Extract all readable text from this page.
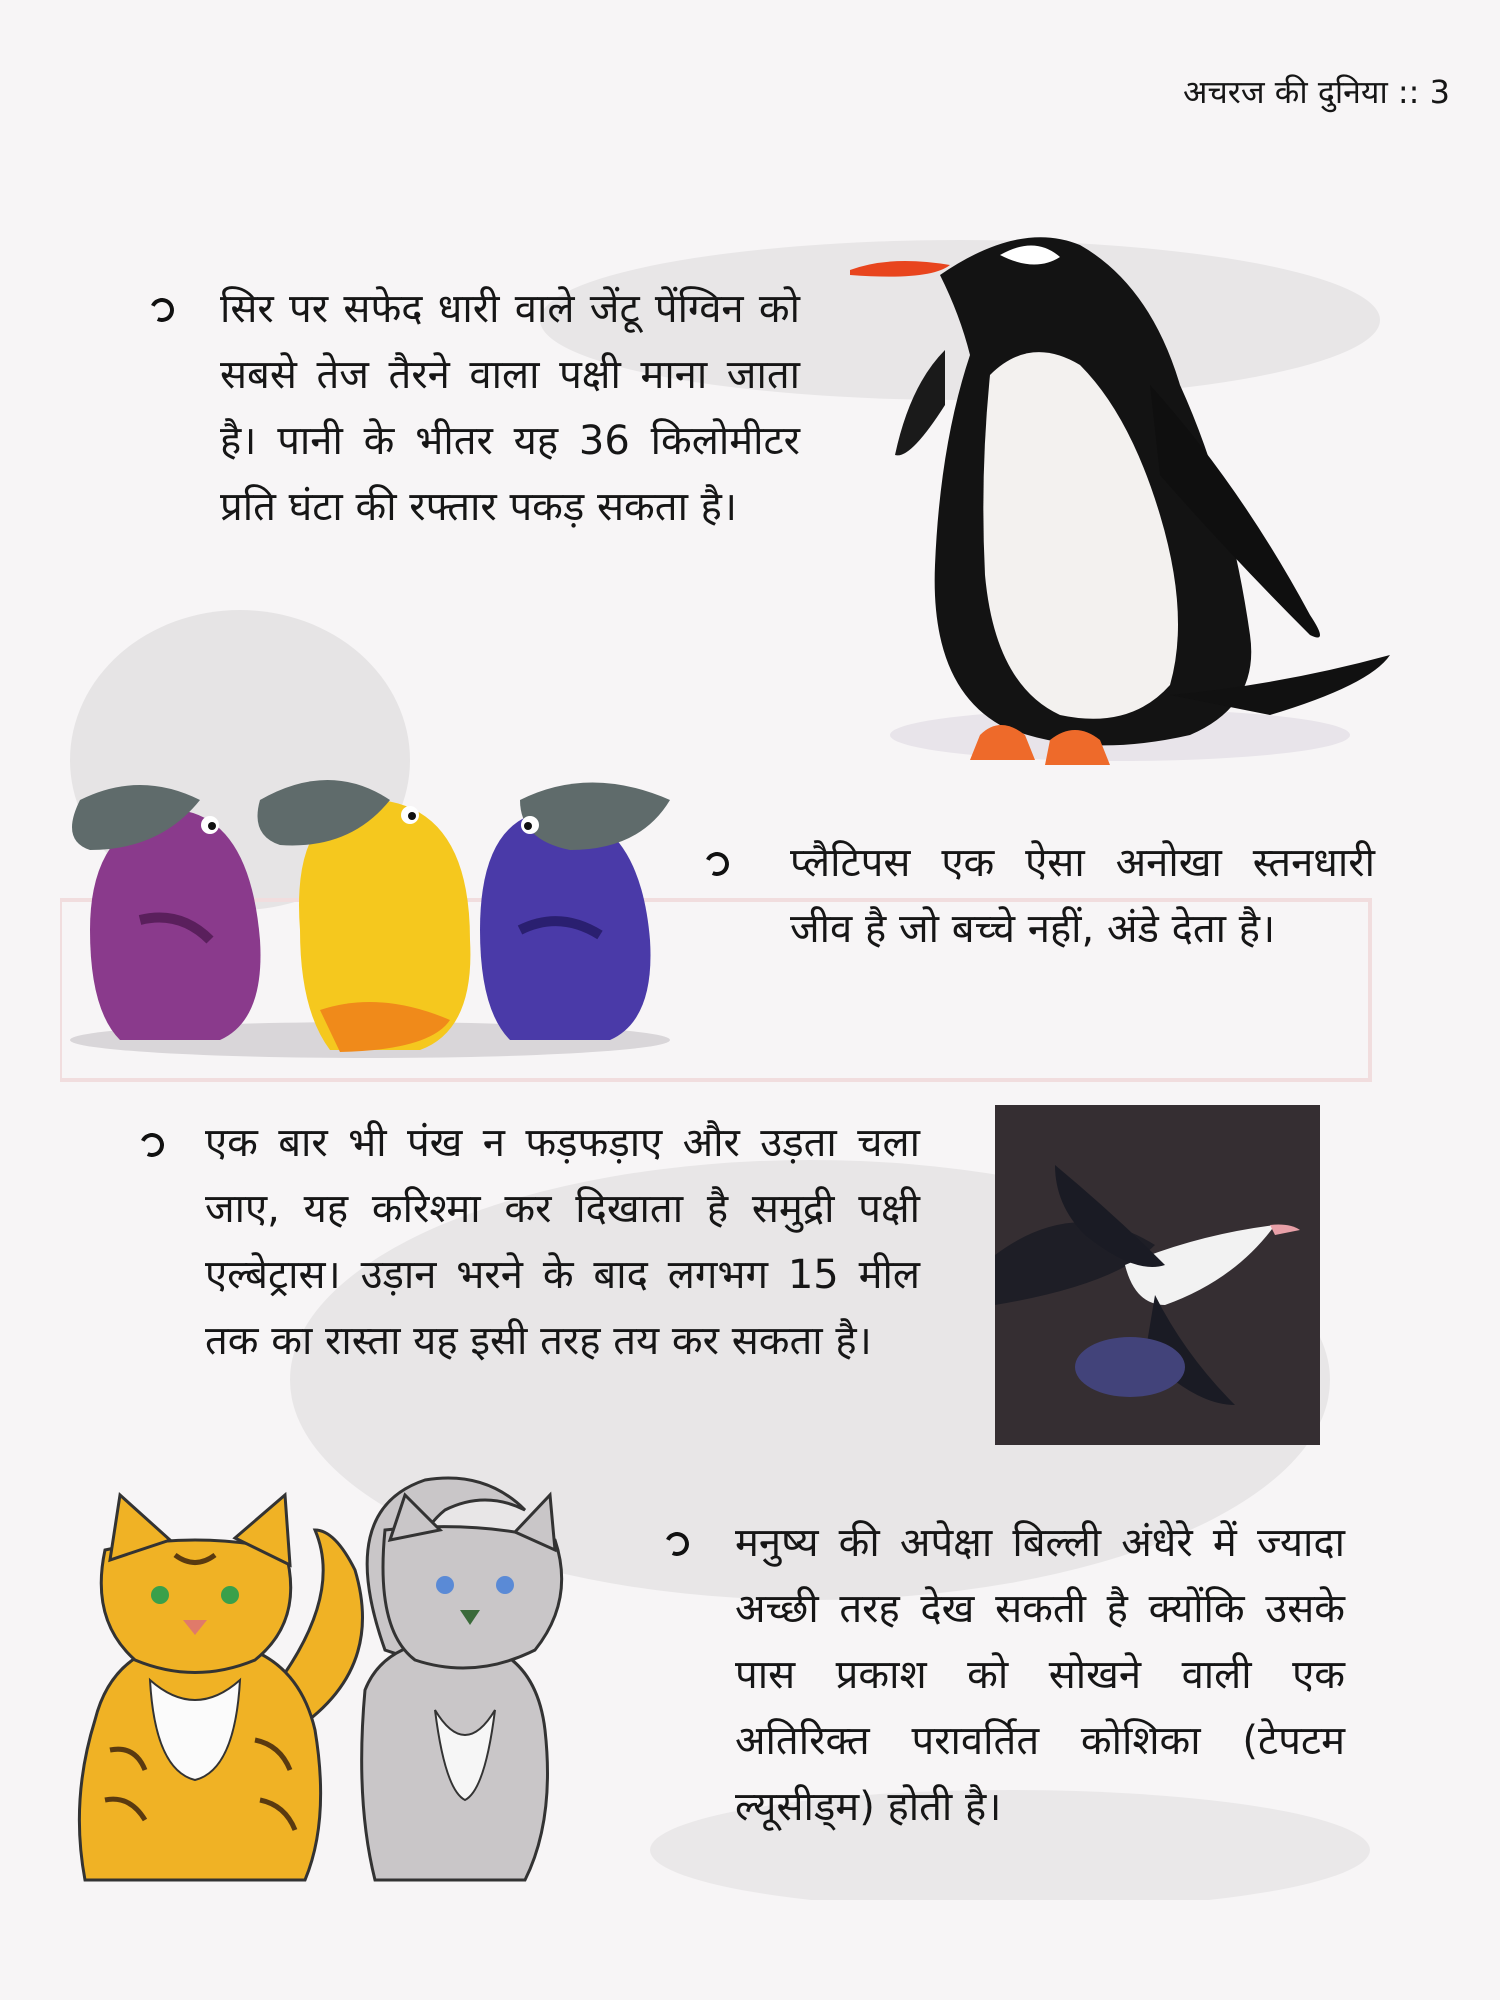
अचरज की दुनिया :: 3
सिर पर सफेद धारी वाले जेंटू पेंग्विन को सबसे तेज तैरने वाला पक्षी माना जाता है। पानी के भीतर यह 36 किलोमीटर प्रति घंटा की रफ्तार पकड़ सकता है।
प्लैटिपस एक ऐसा अनोखा स्तनधारी जीव है जो बच्चे नहीं, अंडे देता है।
एक बार भी पंख न फड़फड़ाए और उड़ता चला जाए, यह करिश्मा कर दिखाता है समुद्री पक्षी एल्बेट्रास। उड़ान भरने के बाद लगभग 15 मील तक का रास्ता यह इसी तरह तय कर सकता है।
मनुष्य की अपेक्षा बिल्ली अंधेरे में ज्यादा अच्छी तरह देख सकती है क्योंकि उसके पास प्रकाश को सोखने वाली एक अतिरिक्त परावर्तित कोशिका (टेपटम ल्यूसीड्म) होती है।
